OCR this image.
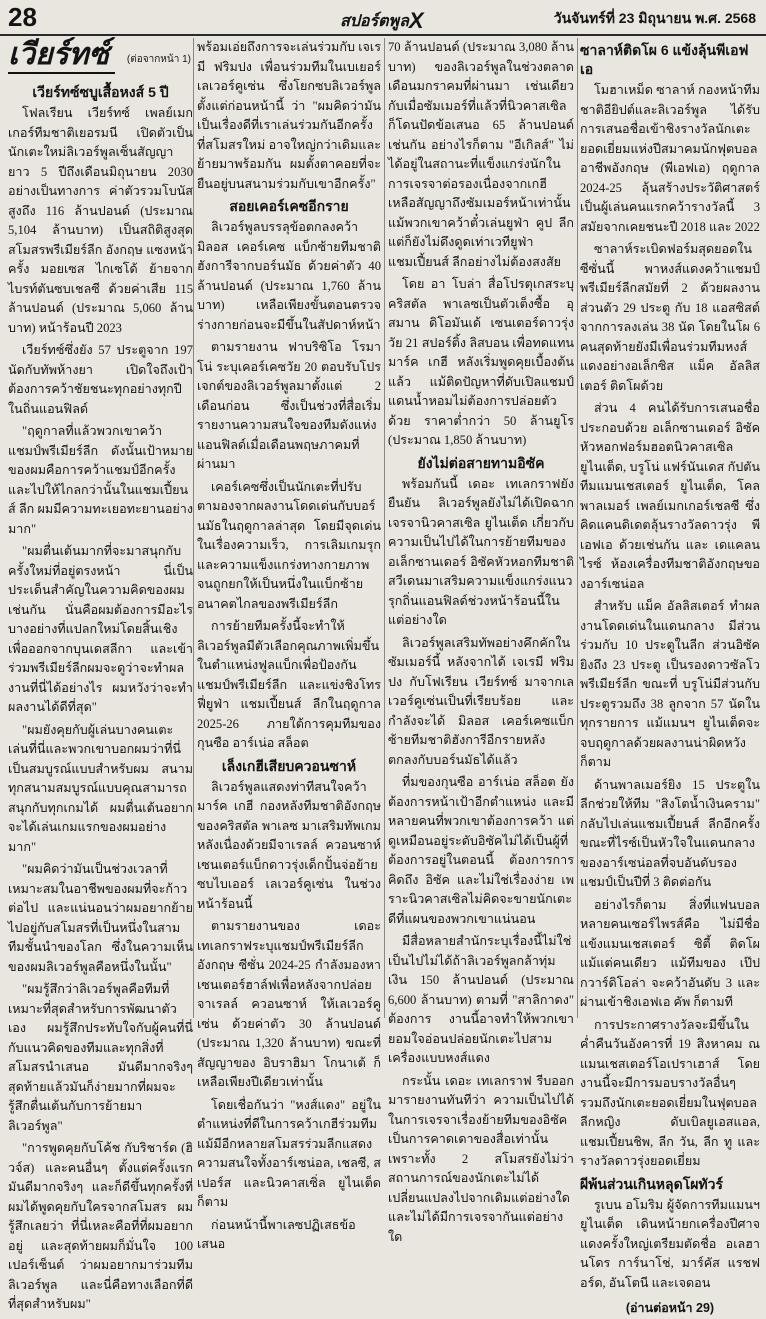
28	สปอร์ตพูลX	วันจันทร์ที่ 23 มิถุนายน พ.ศ. 2568
เวียร์ทซ์ (ต่อจากหน้า 1)
เวียร์ทซ์ซบูเสื้อหงส์ 5 ปี

โฟลเรียน เวียร์ทซ์ เพลย์เมกเกอร์ทีมชาติเยอรมนี เปิดตัวเป็นนักเตะใหม่ลิเวอร์พูลเซ็นสัญญายาว 5 ปีถึงเดือนมิถุนายน 2030 อย่างเป็นทางการ ค่าตัวรวมโบนัสสูงถึง 116 ล้านปอนด์ (ประมาณ 5,104 ล้านบาท) เป็นสถิติสูงสุดสโมสรพรีเมียร์ลีก อังกฤษ แซงหน้าครั้ง มอยเซส ไกเซโด้ ย้ายจากไบรท์ตันซบเชลซี ด้วยค่าเสีย 115 ล้านปอนด์ (ประมาณ 5,060 ล้านบาท) หน้าร้อนปี 2023

เวียร์ทซ์ซึ่งยัง 57 ประตูจาก 197 นัดกับทัพห้างยา เปิดใจถึงเป้าต้องการคว้าชัยชนะทุกอย่างทุกปีในถิ่นแอนฟิลด์

"ฤดูกาลที่แล้วพวกเขาคว้าแชมป์พรีเมียร์ลีก ดังนั้นเป้าหมายของผมคือการคว้าแชมป์อีกครั้ง และไปให้ไกลกว่านั้นในแชมเปี้ยนส์ ลีก ผมมีความทะเยอทะยานอย่างมาก"

"ผมตื่นเต้นมากที่จะมาสนุกกับครั้งใหม่ที่อยู่ตรงหน้า นี่เป็นประเด็นสำคัญในความคิดของผมเช่นกัน นั่นคือผมต้องการมีอะไรบางอย่างที่แปลกใหม่โดยสิ้นเชิง เพื่อออกจากบุนเดสลีกา และเข้าร่วมพรีเมียร์ลีกผมจะดูว่าจะทำผลงานที่นี่ได้อย่างไร ผมหวังว่าจะทำผลงานได้ดีที่สุด"

"ผมยังคุยกับผู้เล่นบางคนเตะเล่นที่นี่และพวกเขาบอกผมว่าที่นี่เป็นสมบูรณ์แบบสำหรับผม สนามทุกสนามสมบูรณ์แบบคุณสามารถสนุกกับทุกเกมได้ ผมตื่นเต้นอยากจะได้เล่นเกมแรกของผมอย่างมาก"

"ผมคิดว่ามันเป็นช่วงเวลาที่เหมาะสมในอาชีพของผมที่จะก้าวต่อไป และแน่นอนว่าผมอยากย้ายไปอยู่กับสโมสรที่เป็นหนึ่งในสามทีมชั้นนำของโลก ซึ่งในความเห็นของผมลิเวอร์พูลคือหนึ่งในนั้น"

"ผมรู้สึกว่าลิเวอร์พูลคือทีมที่เหมาะที่สุดสำหรับการพัฒนาตัวเอง ผมรู้สึกประทับใจกับผู้คนที่นี่ กับแนวคิดของทีมและทุกสิ่งที่สโมสรนำเสนอ มันดีมากจริงๆ สุดท้ายแล้วมันก็ง่ายมากที่ผมจะรู้สึกตื่นเต้นกับการย้ายมาลิเวอร์พูล"

"การพูดคุยกับโค้ช กับริชาร์ด (ฮิวจ์ส) และคนอื่นๆ ตั้งแต่ครั้งแรก มันดีมากจริงๆ และก็ดีขึ้นทุกครั้งที่ผมได้พูดคุยกับใครจากสโมสร ผมรู้สึกเลยว่า ที่นี่เหละคือที่ที่ผมอยากอยู่ และสุดท้ายผมก็มั่นใจ 100 เปอร์เซ็นต์ ว่าผมอยากมาร่วมทีมลิเวอร์พูล และนี่คือทางเลือกที่ดีที่สุดสำหรับผม"

พร้อมเอ่ยถึงการจะเล่นร่วมกับ เจเรมี ฟริมปง เพื่อนร่วมทีมในเบเยอร์ เลเวอร์คูเซ่น ซึ่งโยกซบลิเวอร์พูลตั้งแต่ก่อนหน้านี้ ว่า "ผมคิดว่ามันเป็นเรื่องดีที่เราเล่นร่วมกันอีกครั้งที่สโมสรใหม่ อาจใหญ่กว่าเดิมและย้ายมาพร้อมกัน ผมตั้งตาคอยที่จะยืนอยู่บนสนามร่วมกับเขาอีกครั้ง"

สอยเคอร์เคซอีกราย

ลิเวอร์พูลบรรลุข้อตกลงคว้า มิลอส เคอร์เคซ แบ็กซ้ายทีมชาติฮังการีจากบอร์นมัธ ด้วยค่าตัว 40 ล้านปอนด์ (ประมาณ 1,760 ล้านบาท) เหลือเพียงขั้นตอนตรวจร่างกายก่อนจะมีขึ้นในสัปดาห์หน้า

ตามรายงาน ฟาบริซิโอ โรมาโน่ ระบุเคอร์เคซวัย 20 ตอบรับโปรเจกต์ของลิเวอร์พูลมาตั้งแต่ 2 เดือนก่อน ซึ่งเป็นช่วงที่สื่อเริ่มรายงานความสนใจของทีมดังแห่งแอนฟิลด์เมื่อเดือนพฤษภาคมที่ผ่านมา

เคอร์เคซซึ่งเป็นนักเตะที่ปรับตามองจากผลงานโดดเด่นกับบอร์นมัธในฤดูกาลล่าสุด โดยมีจุดเด่นในเรื่องความเร็ว, การเลิมเกมรุกและความแข็งแกร่งทางกายภาพ จนถูกยกให้เป็นหนึ่งในแบ็กซ้ายอนาคตไกลของพรีเมียร์ลีก

การย้ายทีมครั้งนี้จะทำให้ลิเวอร์พูลมีตัวเลือกคุณภาพเพิ่มขึ้นในตำแหน่งฟูลแบ็กเพื่อป้องกันแชมป์พรีเมียร์ลีก และแข่งชิงโทรฟี่ยูฟ่า แชมเปี้ยนส์ ลีกในฤดูกาล 2025-26 ภายใต้การคุมทีมของกุนซือ อาร์เน่อ สล็อต

เล็งเกฮีเสียบควอนซาห์

ลิเวอร์พูลแสดงท่าทีสนใจคว้า มาร์ค เกฮี กองหลังทีมชาติอังกฤษของคริสตัล พาเลซ มาเสริมทัพเกมหลังเนื่องด้วยมีจาเรลล์ ควอนซาห์ เซนเตอร์แบ็กดาวรุ่งเด็กปั้นจ่อย้ายซบไบเออร์ เลเวอร์คูเซ่น ในช่วงหน้าร้อนนี้

ตามรายงานของ เดอะ เทเลกราฟระบุแชมป์พรีเมียร์ลีก อังกฤษ ซีซั่น 2024-25 กำลังมองหาเซนเตอร์ฮาล์ฟเพื่อหลังจากปล่อย จาเรลล์ ควอนซาห์ ให้เลเวอร์คูเซ่น ด้วยค่าตัว 30 ล้านปอนด์ (ประมาณ 1,320 ล้านบาท) ขณะที่สัญญาของ อิบราฮิมา โกนาเต้ ก็เหลือเพียงปีเดียวเท่านั้น

โดยเชื่อกันว่า "หงส์แดง" อยู่ในตำแหน่งที่ดีในการคว้าเกฮีร่วมทีม แม้มีอีกหลายสโมสรร่วมลีกแสดงความสนใจทั้งอาร์เซน่อล, เชลซี, สเปอร์ส และนิวคาสเซิ่ล ยูไนเต็ด ก็ตาม

ก่อนหน้านี้พาเลซปฏิเสธข้อเสนอ

70 ล้านปอนด์ (ประมาณ 3,080 ล้านบาท) ของลิเวอร์พูลในช่วงตลาดเดือนมกราคมที่ผ่านมา เช่นเดียวกับเมื่อซัมเมอร์ที่แล้วที่นิวคาสเซิลก็โดนปัดข้อเสนอ 65 ล้านปอนด์ เช่นกัน อย่างไรก็ตาม "อีเกิลส์" ไม่ได้อยู่ในสถานะที่แข็งแกร่งนักในการเจรจาต่อรองเนื่องจากเกฮีเหลือสัญญาถึงซัมเมอร์หน้าเท่านั้น แม้พวกเขาคว้าตั๋วเล่นยูฟ่า คูป ลีกแต่ก็ยังไม่ดึงดูดเท่าเวทียูฟ่า แชมเปี้ยนส์ ลีกอย่างไม่ต้องสงสัย

โดย อา โบล่า สื่อโปรตุเกสระบุคริสตัล พาเลซเป็นตัวเต็งซื้อ อุสมาน ดิโอมันเด้ เซนเตอร์ดาวรุ่งวัย 21 สปอร์ติ้ง ลิสบอน เพื่อทดแทน มาร์ค เกฮี หลังเริ่มพูดคุยเบื้องต้นแล้ว แม้ติดปัญหาที่ดับเปิลแชมป์แดนน้ำหอมไม่ต้องการปล่อยตัวด้วย ราคาต่ำกว่า 50 ล้านยูโร (ประมาณ 1,850 ล้านบาท)

ยังไม่ต่อสายทามอิซัค

พร้อมกันนี้ เดอะ เทเลกราฟยังยืนยัน ลิเวอร์พูลยังไม่ได้เปิดฉากเจรจานิวคาสเซิล ยูไนเต็ด เกี่ยวกับความเป็นไปได้ในการย้ายทีมของ อเล็กซานเดอร์ อิซัคหัวหอกทีมชาติสวีเดนมาเสริมความแข็งแกร่งแนวรุกถิ่นแอนฟิลด์ช่วงหน้าร้อนนี้ในแต่อย่างใด

ลิเวอร์พูลเสริมทัพอย่างคึกคักในซัมเมอร์นี้ หลังจากได้ เจเรมี ฟริมปง กับโฟเรียน เวียร์ทซ์ มาจากเลเวอร์คูเซ่นเป็นที่เรียบร้อย และกำลังจะได้ มิลอส เคอร์เคซแบ็กซ้ายทีมชาติฮังการีอีกรายหลังตกลงกับบอร์นมัธได้แล้ว

ที่มของกุนซือ อาร์เน่อ สล็อต ยังต้องการหน้าเป้าอีกตำแหน่ง และมีหลายคนที่พวกเขาต้องการคว้า แต่ดูเหมือนอยู่ระดับอิซัคไม่ได้เป็นผู้ที่ต้องการอยู่ในตอนนี้ ต้องการการคิดถึง อิซัค และไม่ใช่เรื่องง่าย เพราะนิวคาสเซิลไม่คิดจะขายนักเตะดีที่แผนของพวกเขาแน่นอน

มีสื่อหลายสำนักระบุเรื่องนี้ไม่ใช่เป็นไปไม่ได้ถ้าลิเวอร์พูลกล้าทุ่มเงิน 150 ล้านปอนด์ (ประมาณ 6,600 ล้านบาท) ตามที่ "สาลิกาดง" ต้องการ งานนี้อาจทำให้พวกเขายอมใจอ่อนปล่อยนักเตะไปสามเครื่องแบบหงส์แดง

กระนั้น เดอะ เทเลกราฟ รีบออกมารายงานทันทีว่า ความเป็นไปได้ในการเจรจาเรื่องย้ายทีมของอิซัคเป็นการคาดเดาของสื่อเท่านั้น เพราะทั้ง 2 สโมสรยังไม่ว่าสถานการณ์ของนักเตะไม่ได้เปลี่ยนแปลงไปจากเดิมแต่อย่างใด และไม่ได้มีการเจรจากันแต่อย่างใด

ซาลาห์ติดโผ 6 แข้งลุ้นพีเอฟเอ

โมฮาเหม็ด ซาลาห์ กองหน้าทีมชาติอียิปต์และลิเวอร์พูล ได้รับการเสนอชื่อเข้าชิงรางวัลนักเตะยอดเยี่ยมแห่งปีสมาคมนักฟุตบอลอาชีพอังกฤษ (พีเอฟเอ) ฤดูกาล 2024-25 ลุ้นสร้างประวัติศาสตร์เป็นผู้เล่นคนแรกคว้ารางวัลนี้ 3 สมัยจากเคยชนะปี 2018 และ 2022

ซาลาห์ระเบิดฟอร์มสุดยอดในซีซั่นนี้ พาหงส์แดงคว้าแชมป์พรีเมียร์ลีกสมัยที่ 2 ด้วยผลงานส่วนตัว 29 ประตู กับ 18 แอสซิสต์ จากการลงเล่น 38 นัด โดยในโผ 6 คนสุดท้ายยังมีเพื่อนร่วมทีมหงส์แดงอย่างอเล็กซิส แม็ค อัลลิสเตอร์ ติดโผด้วย

ส่วน 4 คนได้รับการเสนอชื่อประกอบด้วย อเล็กซานเดอร์ อิซัค หัวหอกฟอร์มฮอตนิวคาสเซิล ยูไนเต็ด, บรูโน่ แฟร์นันเดส กัปตันทีมแมนเชสเตอร์ ยูไนเต็ด, โคล พาลเมอร์ เพลย์เมกเกอร์เชลซี ซึ่งคิดแคนดิเดตลุ้นรางวัลดาวรุ่ง พีเอฟเอ ด้วยเช่นกัน และ เดแคลน ไรซ์ ห้องเครื่องทีมชาติอังกฤษของอาร์เซน่อล

สำหรับ แม็ค อัลลิสเตอร์ ทำผลงานโดดเด่นในแดนกลาง มีส่วนร่วมกับ 10 ประตูในลีก ส่วนอิซัคยิงถึง 23 ประตู เป็นรองดาวซัลโวพรีเมียร์ลีก ขณะที่ บรูโน่มีส่วนกับประตูรวมถึง 38 ลูกจาก 57 นัดในทุกรายการ แม้แมนฯ ยูไนเต็ดจะจบฤดูกาลด้วยผลงานน่าผิดหวังก็ตาม

ด้านพาลเมอร์ยิง 15 ประตูในลีกช่วยให้ทีม "สิงโตน้ำเงินคราม" กลับไปเล่นแชมเปี้ยนส์ ลีกอีกครั้ง ขณะที่ไรซ์เป็นหัวใจในแดนกลางของอาร์เซน่อลที่จบอันดับรองแชมป์เป็นปีที่ 3 ติดต่อกัน

อย่างไรก็ตาม สิ่งที่แฟนบอลหลายคนเซอร์ไพรส์คือ ไม่มีชื่อแข้งแมนเชสเตอร์ ซิตี้ ติดโผแม้แต่คนเดียว แม้ทีมของ เป๊ป กวาร์ดิโอล่า จะคว้าอันดับ 3 และผ่านเข้าชิงเอฟเอ คัพ ก็ตามที

การประกาศรางวัลจะมีขึ้นในค่ำคืนวันอังคารที่ 19 สิงหาคม ณ แมนเชสเตอร์โอเปราเฮาส์ โดยงานนี้จะมีการมอบรางวัลอื่นๆ รวมถึงนักเตะยอดเยี่ยมในฟุตบอลลีกหญิง ดับเบิลยูเอสแอล, แชมเปี้ยนชิพ, ลีก วัน, ลีก ทู และรางวัลดาวรุ่งยอดเยี่ยม

ผีพ้นส่วนเกินหลุดโผทัวร์

รูเบน อโมริม ผู้จัดการทีมแมนฯ ยูไนเต็ด เดินหน้ายกเครื่องปีศาจแดงครั้งใหญ่เตรียมตัดชื่อ อเลฮานโดร การ์นาโช่, มาร์คัส แรชฟอร์ด, อันโตนี และเจดอน

(อ่านต่อหน้า 29)
